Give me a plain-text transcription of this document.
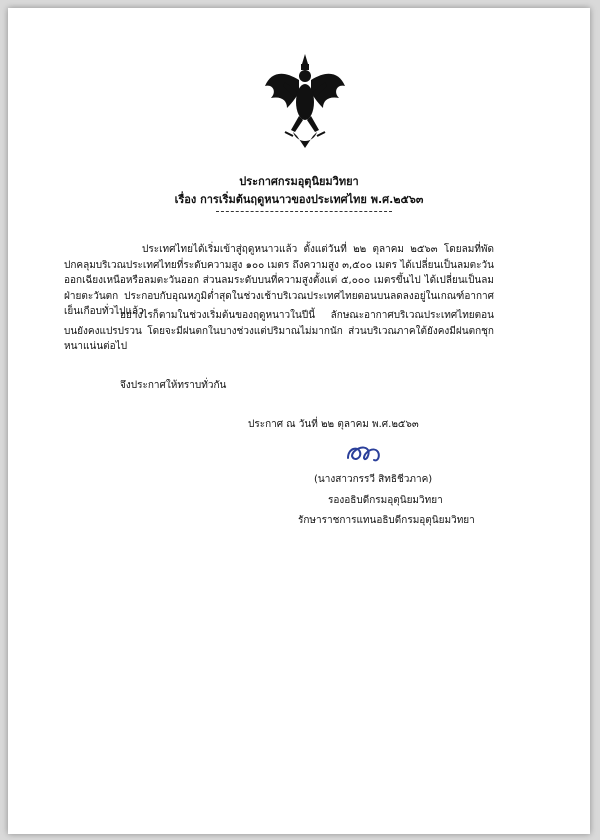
ประกาศกรมอุตุนิยมวิทยา
เรื่อง การเริ่มต้นฤดูหนาวของประเทศไทย พ.ศ.๒๕๖๓
ประเทศไทยได้เริ่มเข้าสู่ฤดูหนาวแล้ว ตั้งแต่วันที่ ๒๒ ตุลาคม ๒๕๖๓ โดยลมที่พัดปกคลุมบริเวณประเทศไทยที่ระดับความสูง ๑๐๐ เมตร ถึงความสูง ๓,๕๐๐ เมตร ได้เปลี่ยนเป็นลมตะวันออกเฉียงเหนือหรือลมตะวันออก ส่วนลมระดับบนที่ความสูงตั้งแต่ ๕,๐๐๐ เมตรขึ้นไป ได้เปลี่ยนเป็นลมฝ่ายตะวันตก ประกอบกับอุณหภูมิต่ำสุดในช่วงเช้าบริเวณประเทศไทยตอนบนลดลงอยู่ในเกณฑ์อากาศเย็นเกือบทั่วไปแล้ว
อย่างไรก็ตามในช่วงเริ่มต้นของฤดูหนาวในปีนี้ ลักษณะอากาศบริเวณประเทศไทยตอนบนยังคงแปรปรวน โดยจะมีฝนตกในบางช่วงแต่ปริมาณไม่มากนัก ส่วนบริเวณภาคใต้ยังคงมีฝนตกชุกหนาแน่นต่อไป
จึงประกาศให้ทราบทั่วกัน
ประกาศ ณ วันที่ ๒๒ ตุลาคม พ.ศ.๒๕๖๓
(นางสาวกรรวี สิทธิชีวภาค)
รองอธิบดีกรมอุตุนิยมวิทยา
รักษาราชการแทนอธิบดีกรมอุตุนิยมวิทยา
